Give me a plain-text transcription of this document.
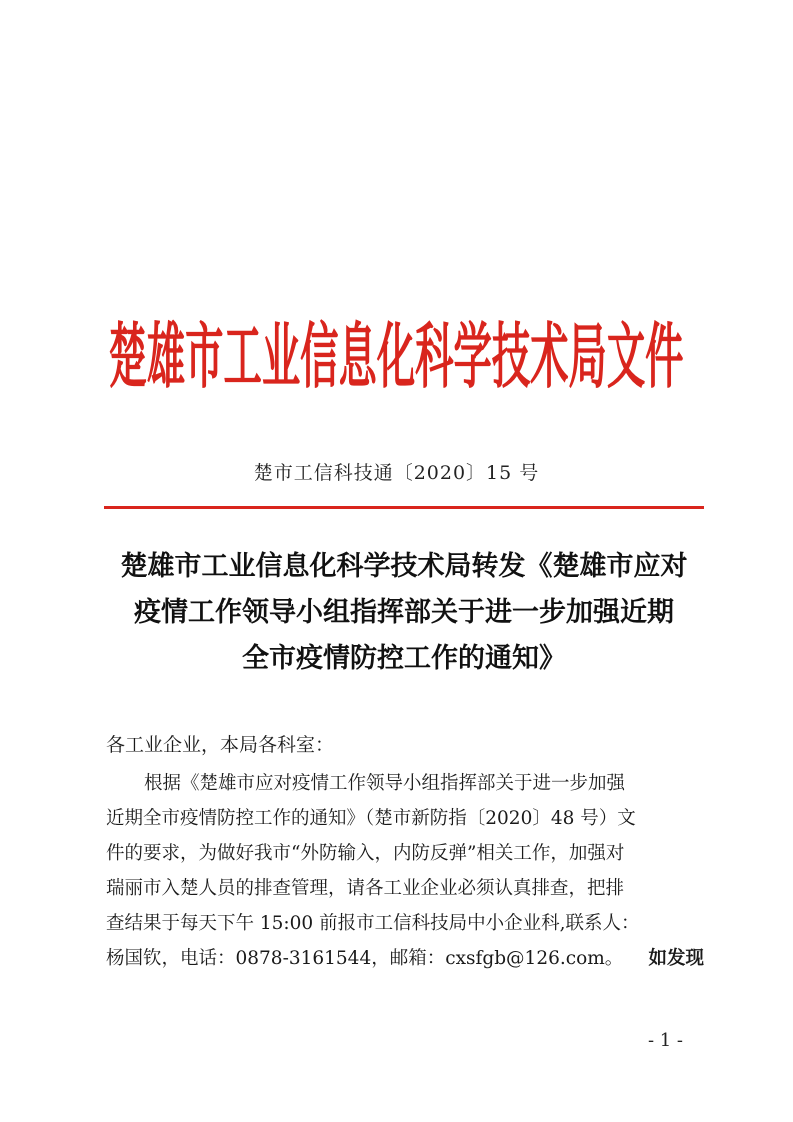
楚雄市工业信息化科学技术局文件
楚市工信科技通〔2020〕15 号
楚雄市工业信息化科学技术局转发《楚雄市应对
疫情工作领导小组指挥部关于进一步加强近期
全市疫情防控工作的通知》
各工业企业，本局各科室：
根据《楚雄市应对疫情工作领导小组指挥部关于进一步加强
近期全市疫情防控工作的通知》（楚市新防指〔2020〕48 号）文
件的要求，为做好我市“外防输入，内防反弹”相关工作，加强对
瑞丽市入楚人员的排查管理，请各工业企业必须认真排查，把排
查结果于每天下午 15:00 前报市工信科技局中小企业科,联系人：
杨国钦，电话：0878-3161544，邮箱：cxsfgb@126.com。 如发现
- 1 -
